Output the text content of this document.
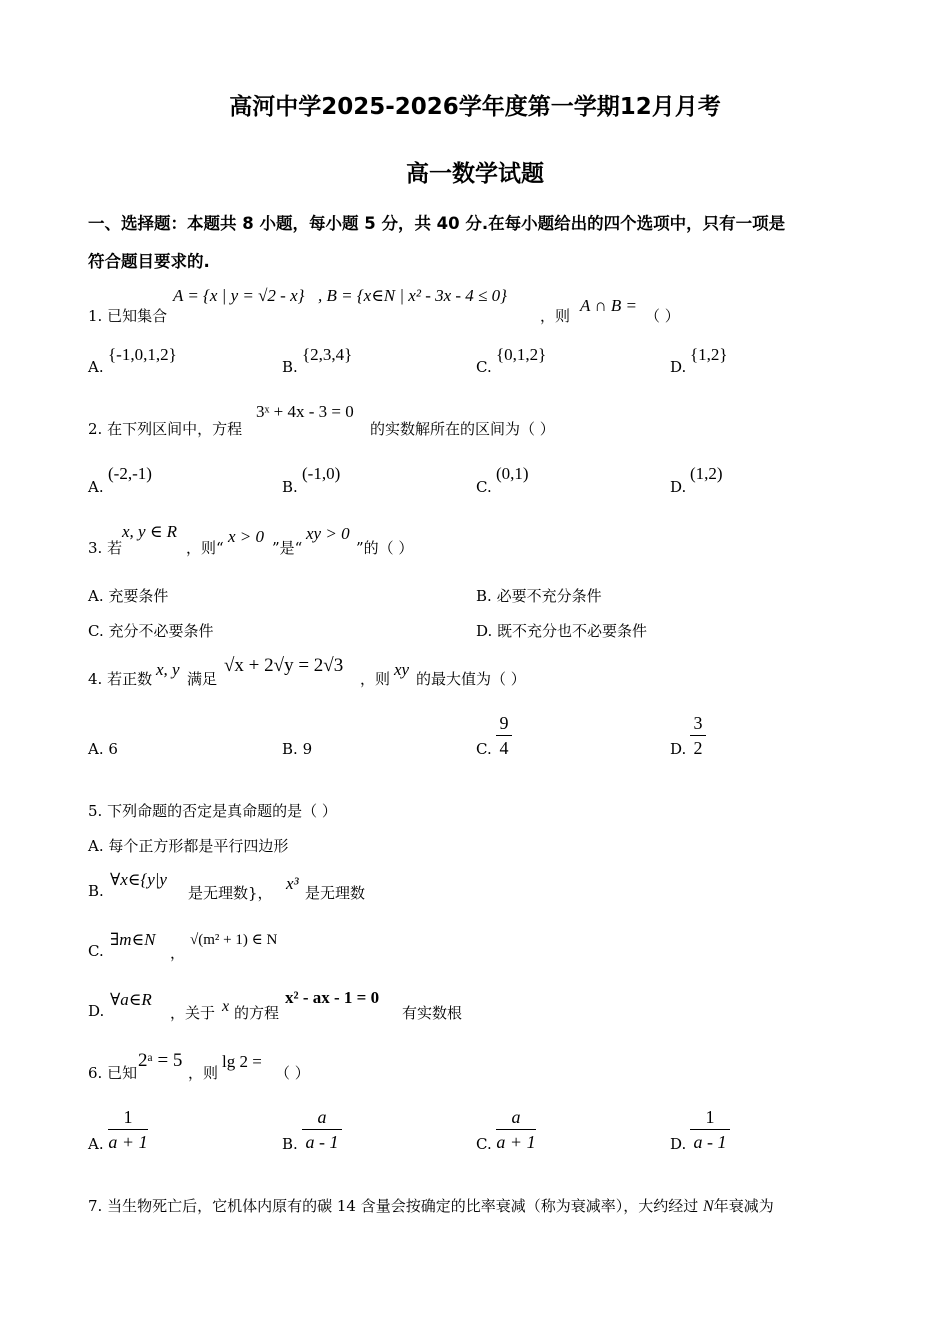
高河中学2025-2026学年度第一学期12月月考
高一数学试题
一、选择题：本题共 8 小题，每小题 5 分，共 40 分.在每小题给出的四个选项中，只有一项是
符合题目要求的.
1. 已知集合
A = {x | y = √2 - x} , B = {x∈N | x² - 3x - 4 ≤ 0}
，则
A ∩ B =
（ ）
A.
{-1,0,1,2}
B.
{2,3,4}
C.
{0,1,2}
D.
{1,2}
2. 在下列区间中，方程
3ˣ + 4x - 3 = 0
的实数解所在的区间为（ ）
A.
(-2,-1)
B.
(-1,0)
C.
(0,1)
D.
(1,2)
3. 若
x, y ∈ R
，则“
x > 0
”是“
xy > 0
”的（ ）
A. 充要条件	B. 必要不充分条件
C. 充分不必要条件	D. 既不充分也不必要条件
4. 若正数 x, y 满足
√x + 2√y = 2√3
，则 xy 的最大值为（ ）
A. 6	B. 9	C.
9
4	D.
3
2
5. 下列命题的否定是真命题的是（ ）
A. 每个正方形都是平行四边形
B.
∀x∈{y|y
是无理数}， x³ 是无理数
C.
∃m∈N
，
√(m² + 1) ∈ N
D.
∀a∈R
，关于 x 的方程
x² - ax - 1 = 0
有实数根
6. 已知
2ᵃ = 5
，则
lg 2 =
（ ）
A.
1
a + 1	B.
a
a - 1	C.
a
a + 1	D.
1
a - 1
7. 当生物死亡后，它机体内原有的碳 14 含量会按确定的比率衰减（称为衰减率），大约经过 N年衰减为
